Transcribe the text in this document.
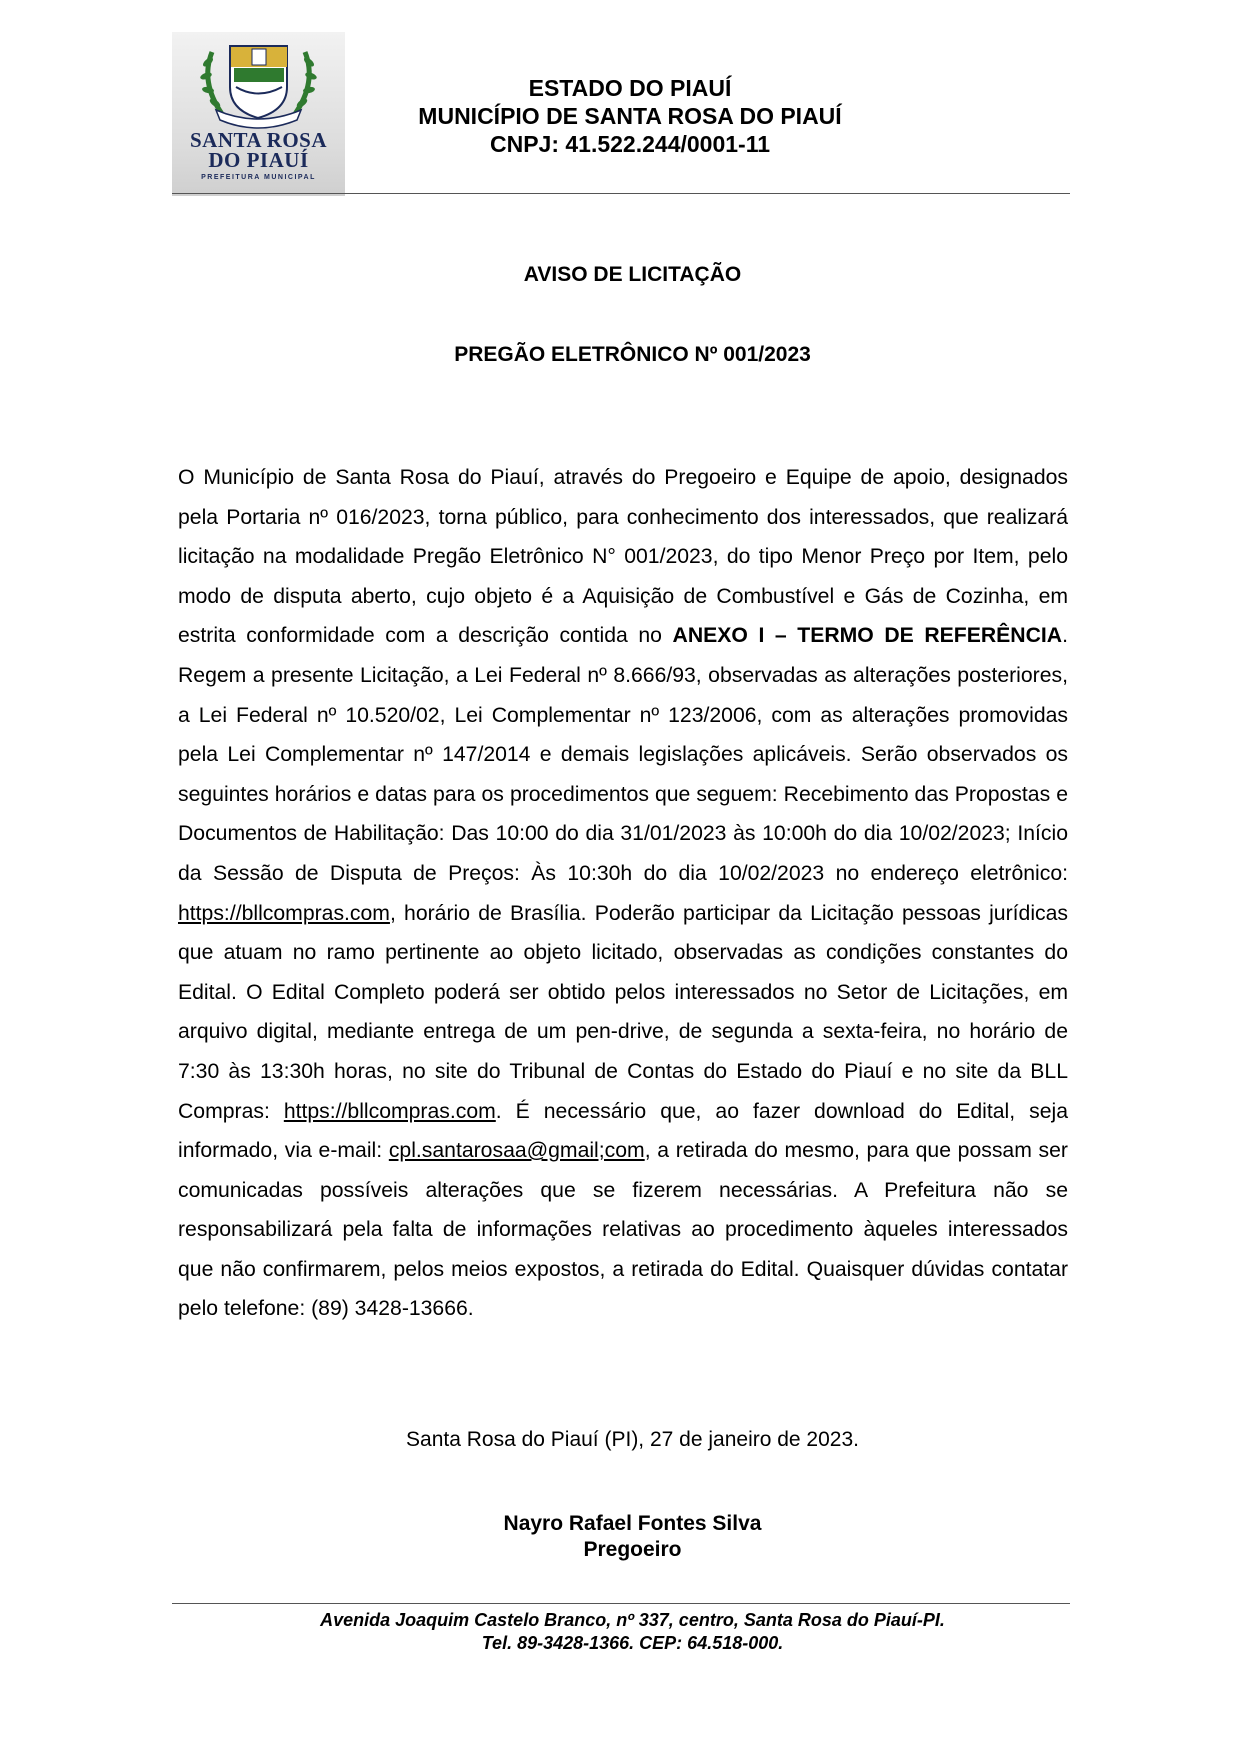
SANTA ROSA
DO PIAUÍ
PREFEITURA MUNICIPAL
ESTADO DO PIAUÍ
MUNICÍPIO DE SANTA ROSA DO PIAUÍ
CNPJ: 41.522.244/0001-11
AVISO DE LICITAÇÃO
PREGÃO ELETRÔNICO Nº 001/2023
O Município de Santa Rosa do Piauí, através do Pregoeiro e Equipe de apoio, designados pela Portaria nº 016/2023, torna público, para conhecimento dos interessados, que realizará licitação na modalidade Pregão Eletrônico N° 001/2023, do tipo Menor Preço por Item, pelo modo de disputa aberto, cujo objeto é a Aquisição de Combustível e Gás de Cozinha, em estrita conformidade com a descrição contida no ANEXO I – TERMO DE REFERÊNCIA. Regem a presente Licitação, a Lei Federal nº 8.666/93, observadas as alterações posteriores, a Lei Federal nº 10.520/02, Lei Complementar nº 123/2006, com as alterações promovidas pela Lei Complementar nº 147/2014 e demais legislações aplicáveis. Serão observados os seguintes horários e datas para os procedimentos que seguem: Recebimento das Propostas e Documentos de Habilitação: Das 10:00 do dia 31/01/2023 às 10:00h do dia 10/02/2023; Início da Sessão de Disputa de Preços: Às 10:30h do dia 10/02/2023 no endereço eletrônico: https://bllcompras.com, horário de Brasília. Poderão participar da Licitação pessoas jurídicas que atuam no ramo pertinente ao objeto licitado, observadas as condições constantes do Edital. O Edital Completo poderá ser obtido pelos interessados no Setor de Licitações, em arquivo digital, mediante entrega de um pen-drive, de segunda a sexta-feira, no horário de 7:30 às 13:30h horas, no site do Tribunal de Contas do Estado do Piauí e no site da BLL Compras: https://bllcompras.com. É necessário que, ao fazer download do Edital, seja informado, via e-mail: cpl.santarosaa@gmail;com, a retirada do mesmo, para que possam ser comunicadas possíveis alterações que se fizerem necessárias. A Prefeitura não se responsabilizará pela falta de informações relativas ao procedimento àqueles interessados que não confirmarem, pelos meios expostos, a retirada do Edital. Quaisquer dúvidas contatar pelo telefone: (89) 3428-13666.
Santa Rosa do Piauí (PI), 27 de janeiro de 2023.
Nayro Rafael Fontes Silva
Pregoeiro
Avenida Joaquim Castelo Branco, nº 337, centro, Santa Rosa do Piauí-PI.
Tel. 89-3428-1366. CEP: 64.518-000.
